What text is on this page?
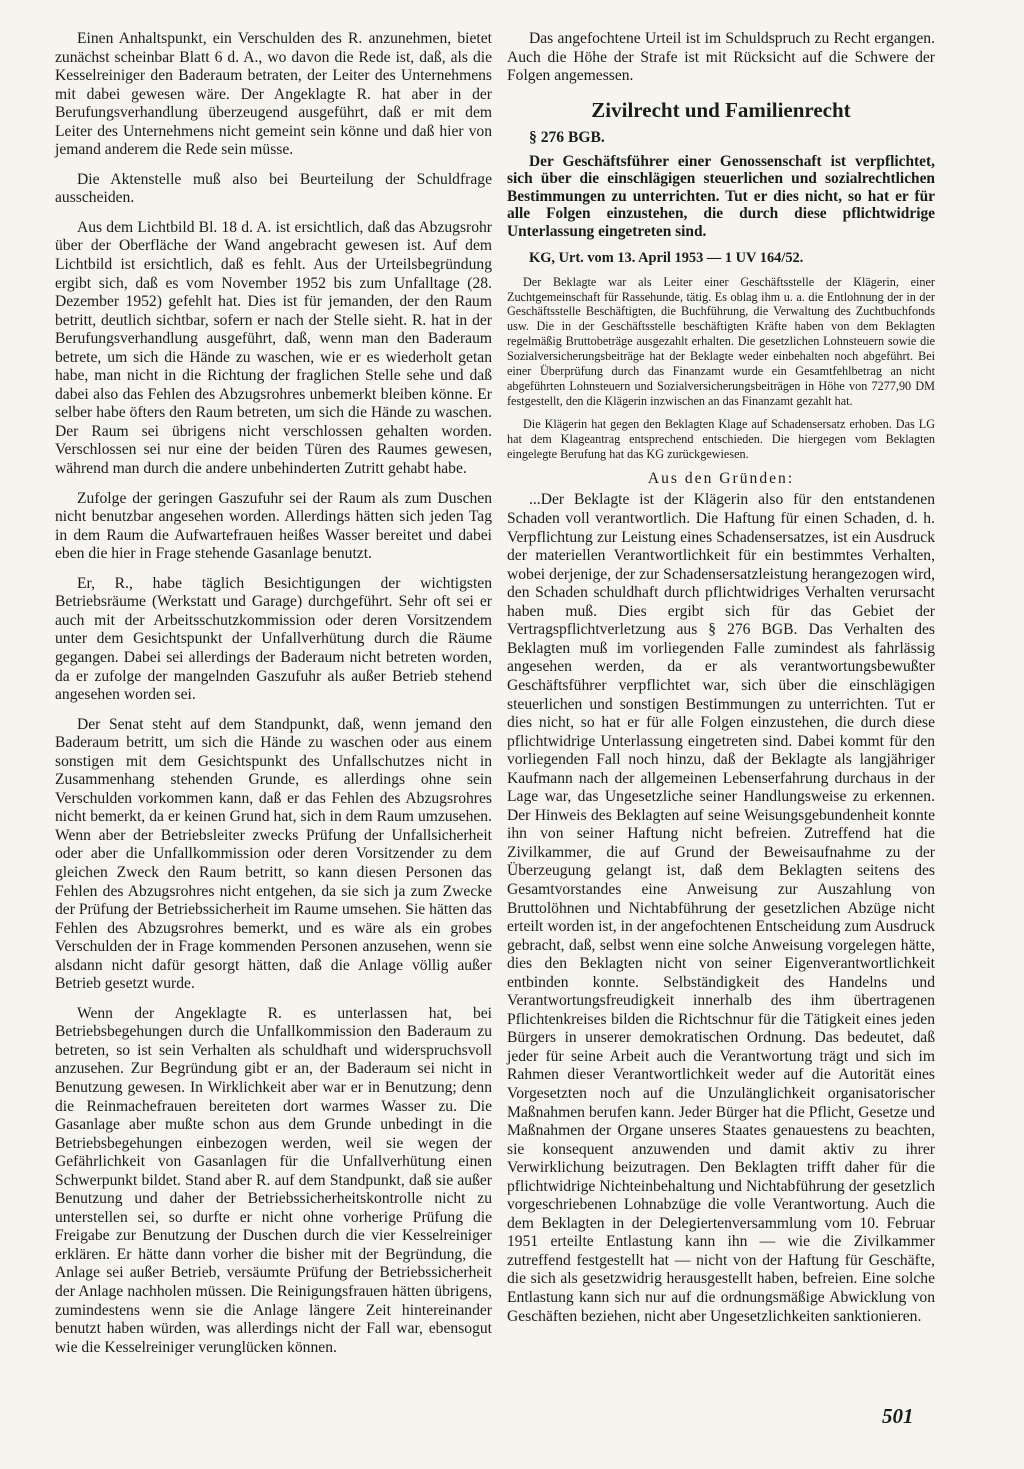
Einen Anhaltspunkt, ein Verschulden des R. anzunehmen, bietet zunächst scheinbar Blatt 6 d. A., wo davon die Rede ist, daß, als die Kesselreiniger den Baderaum betraten, der Leiter des Unternehmens mit dabei gewesen wäre. Der Angeklagte R. hat aber in der Berufungsverhandlung überzeugend ausgeführt, daß er mit dem Leiter des Unternehmens nicht gemeint sein könne und daß hier von jemand anderem die Rede sein müsse.

Die Aktenstelle muß also bei Beurteilung der Schuldfrage ausscheiden.

Aus dem Lichtbild Bl. 18 d. A. ist ersichtlich, daß das Abzugsrohr über der Oberfläche der Wand angebracht gewesen ist. Auf dem Lichtbild ist ersichtlich, daß es fehlt. Aus der Urteilsbegründung ergibt sich, daß es vom November 1952 bis zum Unfalltage (28. Dezember 1952) gefehlt hat. Dies ist für jemanden, der den Raum betritt, deutlich sichtbar, sofern er nach der Stelle sieht. R. hat in der Berufungsverhandlung ausgeführt, daß, wenn man den Baderaum betrete, um sich die Hände zu waschen, wie er es wiederholt getan habe, man nicht in die Richtung der fraglichen Stelle sehe und daß dabei also das Fehlen des Abzugsrohres unbemerkt bleiben könne. Er selber habe öfters den Raum betreten, um sich die Hände zu waschen. Der Raum sei übrigens nicht verschlossen gehalten worden. Verschlossen sei nur eine der beiden Türen des Raumes gewesen, während man durch die andere unbehinderten Zutritt gehabt habe.

Zufolge der geringen Gaszufuhr sei der Raum als zum Duschen nicht benutzbar angesehen worden. Allerdings hätten sich jeden Tag in dem Raum die Aufwartefrauen heißes Wasser bereitet und dabei eben die hier in Frage stehende Gasanlage benutzt.

Er, R., habe täglich Besichtigungen der wichtigsten Betriebsräume (Werkstatt und Garage) durchgeführt. Sehr oft sei er auch mit der Arbeitsschutzkommission oder deren Vorsitzendem unter dem Gesichtspunkt der Unfallverhütung durch die Räume gegangen. Dabei sei allerdings der Baderaum nicht betreten worden, da er zufolge der mangelnden Gaszufuhr als außer Betrieb stehend angesehen worden sei.

Der Senat steht auf dem Standpunkt, daß, wenn jemand den Baderaum betritt, um sich die Hände zu waschen oder aus einem sonstigen mit dem Gesichtspunkt des Unfallschutzes nicht in Zusammenhang stehenden Grunde, es allerdings ohne sein Verschulden vorkommen kann, daß er das Fehlen des Abzugsrohres nicht bemerkt, da er keinen Grund hat, sich in dem Raum umzusehen. Wenn aber der Betriebsleiter zwecks Prüfung der Unfallsicherheit oder aber die Unfallkommission oder deren Vorsitzender zu dem gleichen Zweck den Raum betritt, so kann diesen Personen das Fehlen des Abzugsrohres nicht entgehen, da sie sich ja zum Zwecke der Prüfung der Betriebssicherheit im Raume umsehen. Sie hätten das Fehlen des Abzugsrohres bemerkt, und es wäre als ein grobes Verschulden der in Frage kommenden Personen anzusehen, wenn sie alsdann nicht dafür gesorgt hätten, daß die Anlage völlig außer Betrieb gesetzt wurde.

Wenn der Angeklagte R. es unterlassen hat, bei Betriebsbegehungen durch die Unfallkommission den Baderaum zu betreten, so ist sein Verhalten als schuldhaft und widerspruchsvoll anzusehen. Zur Begründung gibt er an, der Baderaum sei nicht in Benutzung gewesen. In Wirklichkeit aber war er in Benutzung; denn die Reinmachefrauen bereiteten dort warmes Wasser zu. Die Gasanlage aber mußte schon aus dem Grunde unbedingt in die Betriebsbegehungen einbezogen werden, weil sie wegen der Gefährlichkeit von Gasanlagen für die Unfallverhütung einen Schwerpunkt bildet. Stand aber R. auf dem Standpunkt, daß sie außer Benutzung und daher der Betriebssicherheitskontrolle nicht zu unterstellen sei, so durfte er nicht ohne vorherige Prüfung die Freigabe zur Benutzung der Duschen durch die vier Kesselreiniger erklären. Er hätte dann vorher die bisher mit der Begründung, die Anlage sei außer Betrieb, versäumte Prüfung der Betriebssicherheit der Anlage nachholen müssen. Die Reinigungsfrauen hätten übrigens, zumindestens wenn sie die Anlage längere Zeit hintereinander benutzt haben würden, was allerdings nicht der Fall war, ebensogut wie die Kesselreiniger verunglücken können.

Das angefochtene Urteil ist im Schuldspruch zu Recht ergangen. Auch die Höhe der Strafe ist mit Rücksicht auf die Schwere der Folgen angemessen.

Zivilrecht und Familienrecht

§ 276 BGB.

Der Geschäftsführer einer Genossenschaft ist verpflichtet, sich über die einschlägigen steuerlichen und sozialrechtlichen Bestimmungen zu unterrichten. Tut er dies nicht, so hat er für alle Folgen einzustehen, die durch diese pflichtwidrige Unterlassung eingetreten sind.

KG, Urt. vom 13. April 1953 — 1 UV 164/52.

Der Beklagte war als Leiter einer Geschäftsstelle der Klägerin, einer Zuchtgemeinschaft für Rassehunde, tätig. Es oblag ihm u. a. die Entlohnung der in der Geschäftsstelle Beschäftigten, die Buchführung, die Verwaltung des Zuchtbuchfonds usw. Die in der Geschäftsstelle beschäftigten Kräfte haben von dem Beklagten regelmäßig Bruttobeträge ausgezahlt erhalten. Die gesetzlichen Lohnsteuern sowie die Sozialversicherungsbeiträge hat der Beklagte weder einbehalten noch abgeführt. Bei einer Überprüfung durch das Finanzamt wurde ein Gesamtfehlbetrag an nicht abgeführten Lohnsteuern und Sozialversicherungsbeiträgen in Höhe von 7277,90 DM festgestellt, den die Klägerin inzwischen an das Finanzamt gezahlt hat.

Die Klägerin hat gegen den Beklagten Klage auf Schadensersatz erhoben. Das LG hat dem Klageantrag entsprechend entschieden. Die hiergegen vom Beklagten eingelegte Berufung hat das KG zurückgewiesen.

Aus den Gründen:

...Der Beklagte ist der Klägerin also für den entstandenen Schaden voll verantwortlich. Die Haftung für einen Schaden, d. h. Verpflichtung zur Leistung eines Schadensersatzes, ist ein Ausdruck der materiellen Verantwortlichkeit für ein bestimmtes Verhalten, wobei derjenige, der zur Schadensersatzleistung herangezogen wird, den Schaden schuldhaft durch pflichtwidriges Verhalten verursacht haben muß. Dies ergibt sich für das Gebiet der Vertragspflichtverletzung aus § 276 BGB. Das Verhalten des Beklagten muß im vorliegenden Falle zumindest als fahrlässig angesehen werden, da er als verantwortungsbewußter Geschäftsführer verpflichtet war, sich über die einschlägigen steuerlichen und sonstigen Bestimmungen zu unterrichten. Tut er dies nicht, so hat er für alle Folgen einzustehen, die durch diese pflichtwidrige Unterlassung eingetreten sind. Dabei kommt für den vorliegenden Fall noch hinzu, daß der Beklagte als langjähriger Kaufmann nach der allgemeinen Lebenserfahrung durchaus in der Lage war, das Ungesetzliche seiner Handlungsweise zu erkennen. Der Hinweis des Beklagten auf seine Weisungsgebundenheit konnte ihn von seiner Haftung nicht befreien. Zutreffend hat die Zivilkammer, die auf Grund der Beweisaufnahme zu der Überzeugung gelangt ist, daß dem Beklagten seitens des Gesamtvorstandes eine Anweisung zur Auszahlung von Bruttolöhnen und Nichtabführung der gesetzlichen Abzüge nicht erteilt worden ist, in der angefochtenen Entscheidung zum Ausdruck gebracht, daß, selbst wenn eine solche Anweisung vorgelegen hätte, dies den Beklagten nicht von seiner Eigenverantwortlichkeit entbinden konnte. Selbständigkeit des Handelns und Verantwortungsfreudigkeit innerhalb des ihm übertragenen Pflichtenkreises bilden die Richtschnur für die Tätigkeit eines jeden Bürgers in unserer demokratischen Ordnung. Das bedeutet, daß jeder für seine Arbeit auch die Verantwortung trägt und sich im Rahmen dieser Verantwortlichkeit weder auf die Autorität eines Vorgesetzten noch auf die Unzulänglichkeit organisatorischer Maßnahmen berufen kann. Jeder Bürger hat die Pflicht, Gesetze und Maßnahmen der Organe unseres Staates genauestens zu beachten, sie konsequent anzuwenden und damit aktiv zu ihrer Verwirklichung beizutragen. Den Beklagten trifft daher für die pflichtwidrige Nichteinbehaltung und Nichtabführung der gesetzlich vorgeschriebenen Lohnabzüge die volle Verantwortung. Auch die dem Beklagten in der Delegiertenversammlung vom 10. Februar 1951 erteilte Entlastung kann ihn — wie die Zivilkammer zutreffend festgestellt hat — nicht von der Haftung für Geschäfte, die sich als gesetzwidrig herausgestellt haben, befreien. Eine solche Entlastung kann sich nur auf die ordnungsmäßige Abwicklung von Geschäften beziehen, nicht aber Ungesetzlichkeiten sanktionieren.

501
